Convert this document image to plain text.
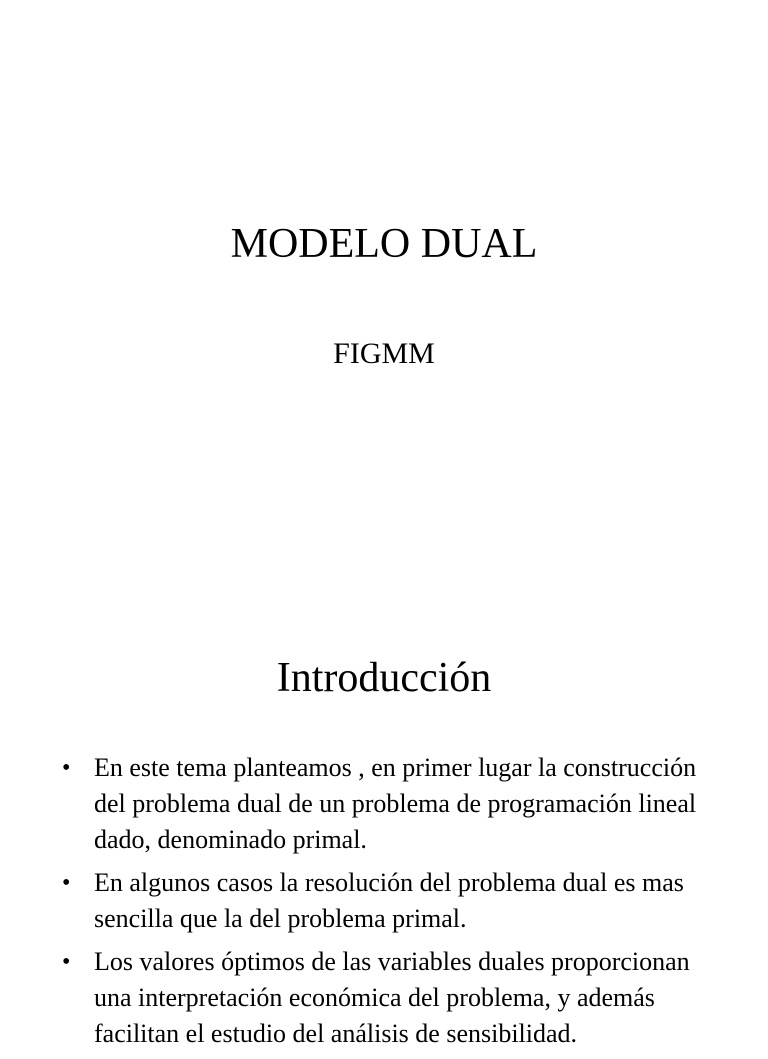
MODELO DUAL
FIGMM
Introducción
• En este tema planteamos , en primer lugar la construcción del problema dual de un problema de programación lineal dado, denominado primal.
• En algunos casos la resolución del problema dual es mas sencilla que la del problema primal.
• Los valores óptimos de las variables duales proporcionan una interpretación económica del problema, y además facilitan el estudio del análisis de sensibilidad.
